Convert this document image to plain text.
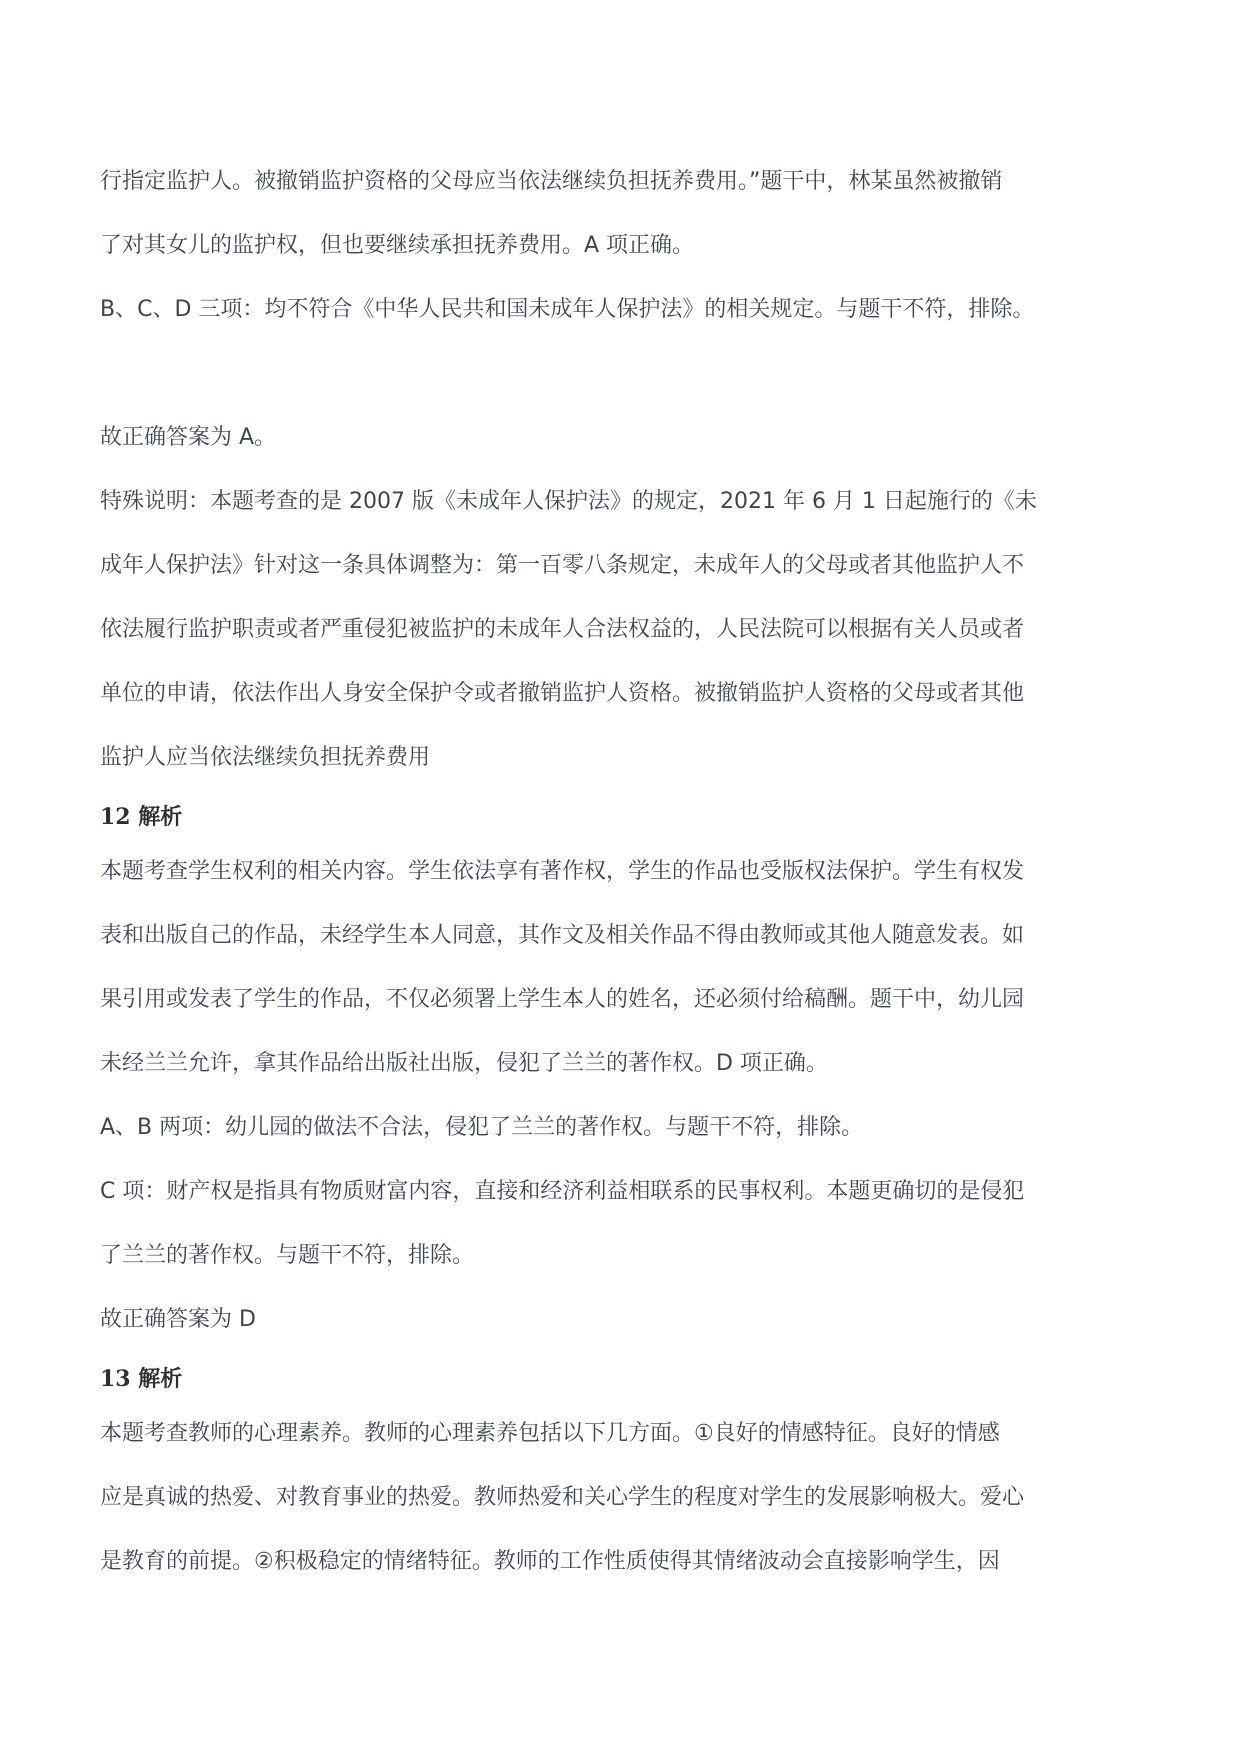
行指定监护人。被撤销监护资格的父母应当依法继续负担抚养费用。”题干中，林某虽然被撤销
了对其女儿的监护权，但也要继续承担抚养费用。A 项正确。
B、C、D 三项：均不符合《中华人民共和国未成年人保护法》的相关规定。与题干不符，排除。
故正确答案为 A。
特殊说明：本题考查的是 2007 版《未成年人保护法》的规定，2021 年 6 月 1 日起施行的《未
成年人保护法》针对这一条具体调整为：第一百零八条规定，未成年人的父母或者其他监护人不
依法履行监护职责或者严重侵犯被监护的未成年人合法权益的，人民法院可以根据有关人员或者
单位的申请，依法作出人身安全保护令或者撤销监护人资格。被撤销监护人资格的父母或者其他
监护人应当依法继续负担抚养费用
12 解析
本题考查学生权利的相关内容。学生依法享有著作权，学生的作品也受版权法保护。学生有权发
表和出版自己的作品，未经学生本人同意，其作文及相关作品不得由教师或其他人随意发表。如
果引用或发表了学生的作品，不仅必须署上学生本人的姓名，还必须付给稿酬。题干中，幼儿园
未经兰兰允许，拿其作品给出版社出版，侵犯了兰兰的著作权。D 项正确。
A、B 两项：幼儿园的做法不合法，侵犯了兰兰的著作权。与题干不符，排除。
C 项：财产权是指具有物质财富内容，直接和经济利益相联系的民事权利。本题更确切的是侵犯
了兰兰的著作权。与题干不符，排除。
故正确答案为 D
13 解析
本题考查教师的心理素养。教师的心理素养包括以下几方面。①良好的情感特征。良好的情感
应是真诚的热爱、对教育事业的热爱。教师热爱和关心学生的程度对学生的发展影响极大。爱心
是教育的前提。②积极稳定的情绪特征。教师的工作性质使得其情绪波动会直接影响学生，因
